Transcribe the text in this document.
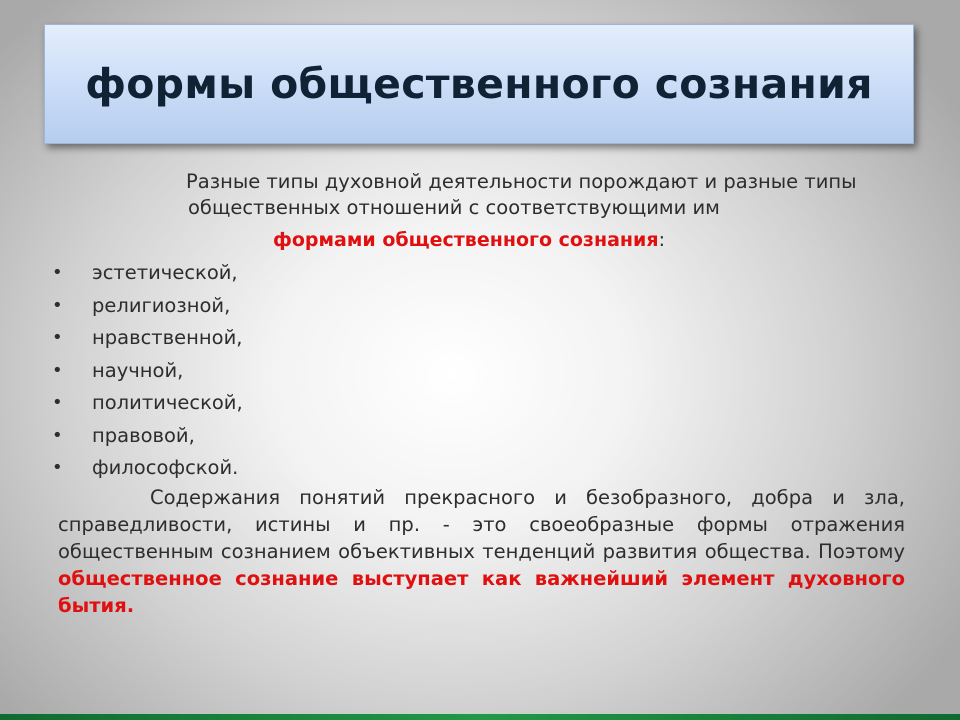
формы общественного сознания
Разные типы духовной деятельности порождают и разные типы
общественных отношений с соответствующими им
формами общественного сознания:
•	эстетической,
•	религиозной,
•	нравственной,
•	научной,
•	политической,
•	правовой,
•	философской.

Содержания понятий прекрасного и безобразного, добра и зла, справедливости, истины и пр. - это своеобразные формы отражения общественным сознанием объективных тенденций развития общества. Поэтому общественное сознание выступает как важнейший элемент духовного бытия.
